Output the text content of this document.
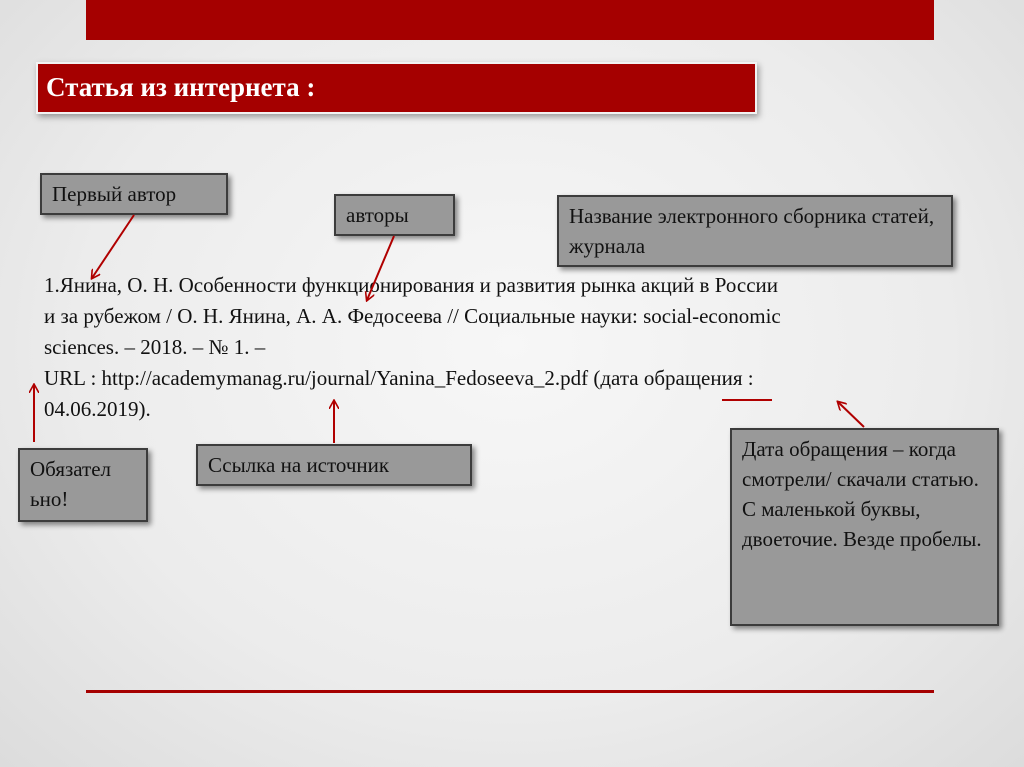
Статья из интернета :
Первый автор
авторы	Название электронного сборника статей, журнала
1.Янина, О. Н. Особенности функционирования и развития рынка акций в России
и за рубежом / О. Н. Янина, А. А. Федосеева // Социальные науки: social-economic
sciences. – 2018. – № 1. –
URL : http://academymanag.ru/journal/Yanina_Fedoseeva_2.pdf (дата обращения :
04.06.2019).
Обязател
ьно!
Ссылка на источник
Дата обращения – когда смотрели/ скачали статью. С маленькой буквы, двоеточие. Везде пробелы.
